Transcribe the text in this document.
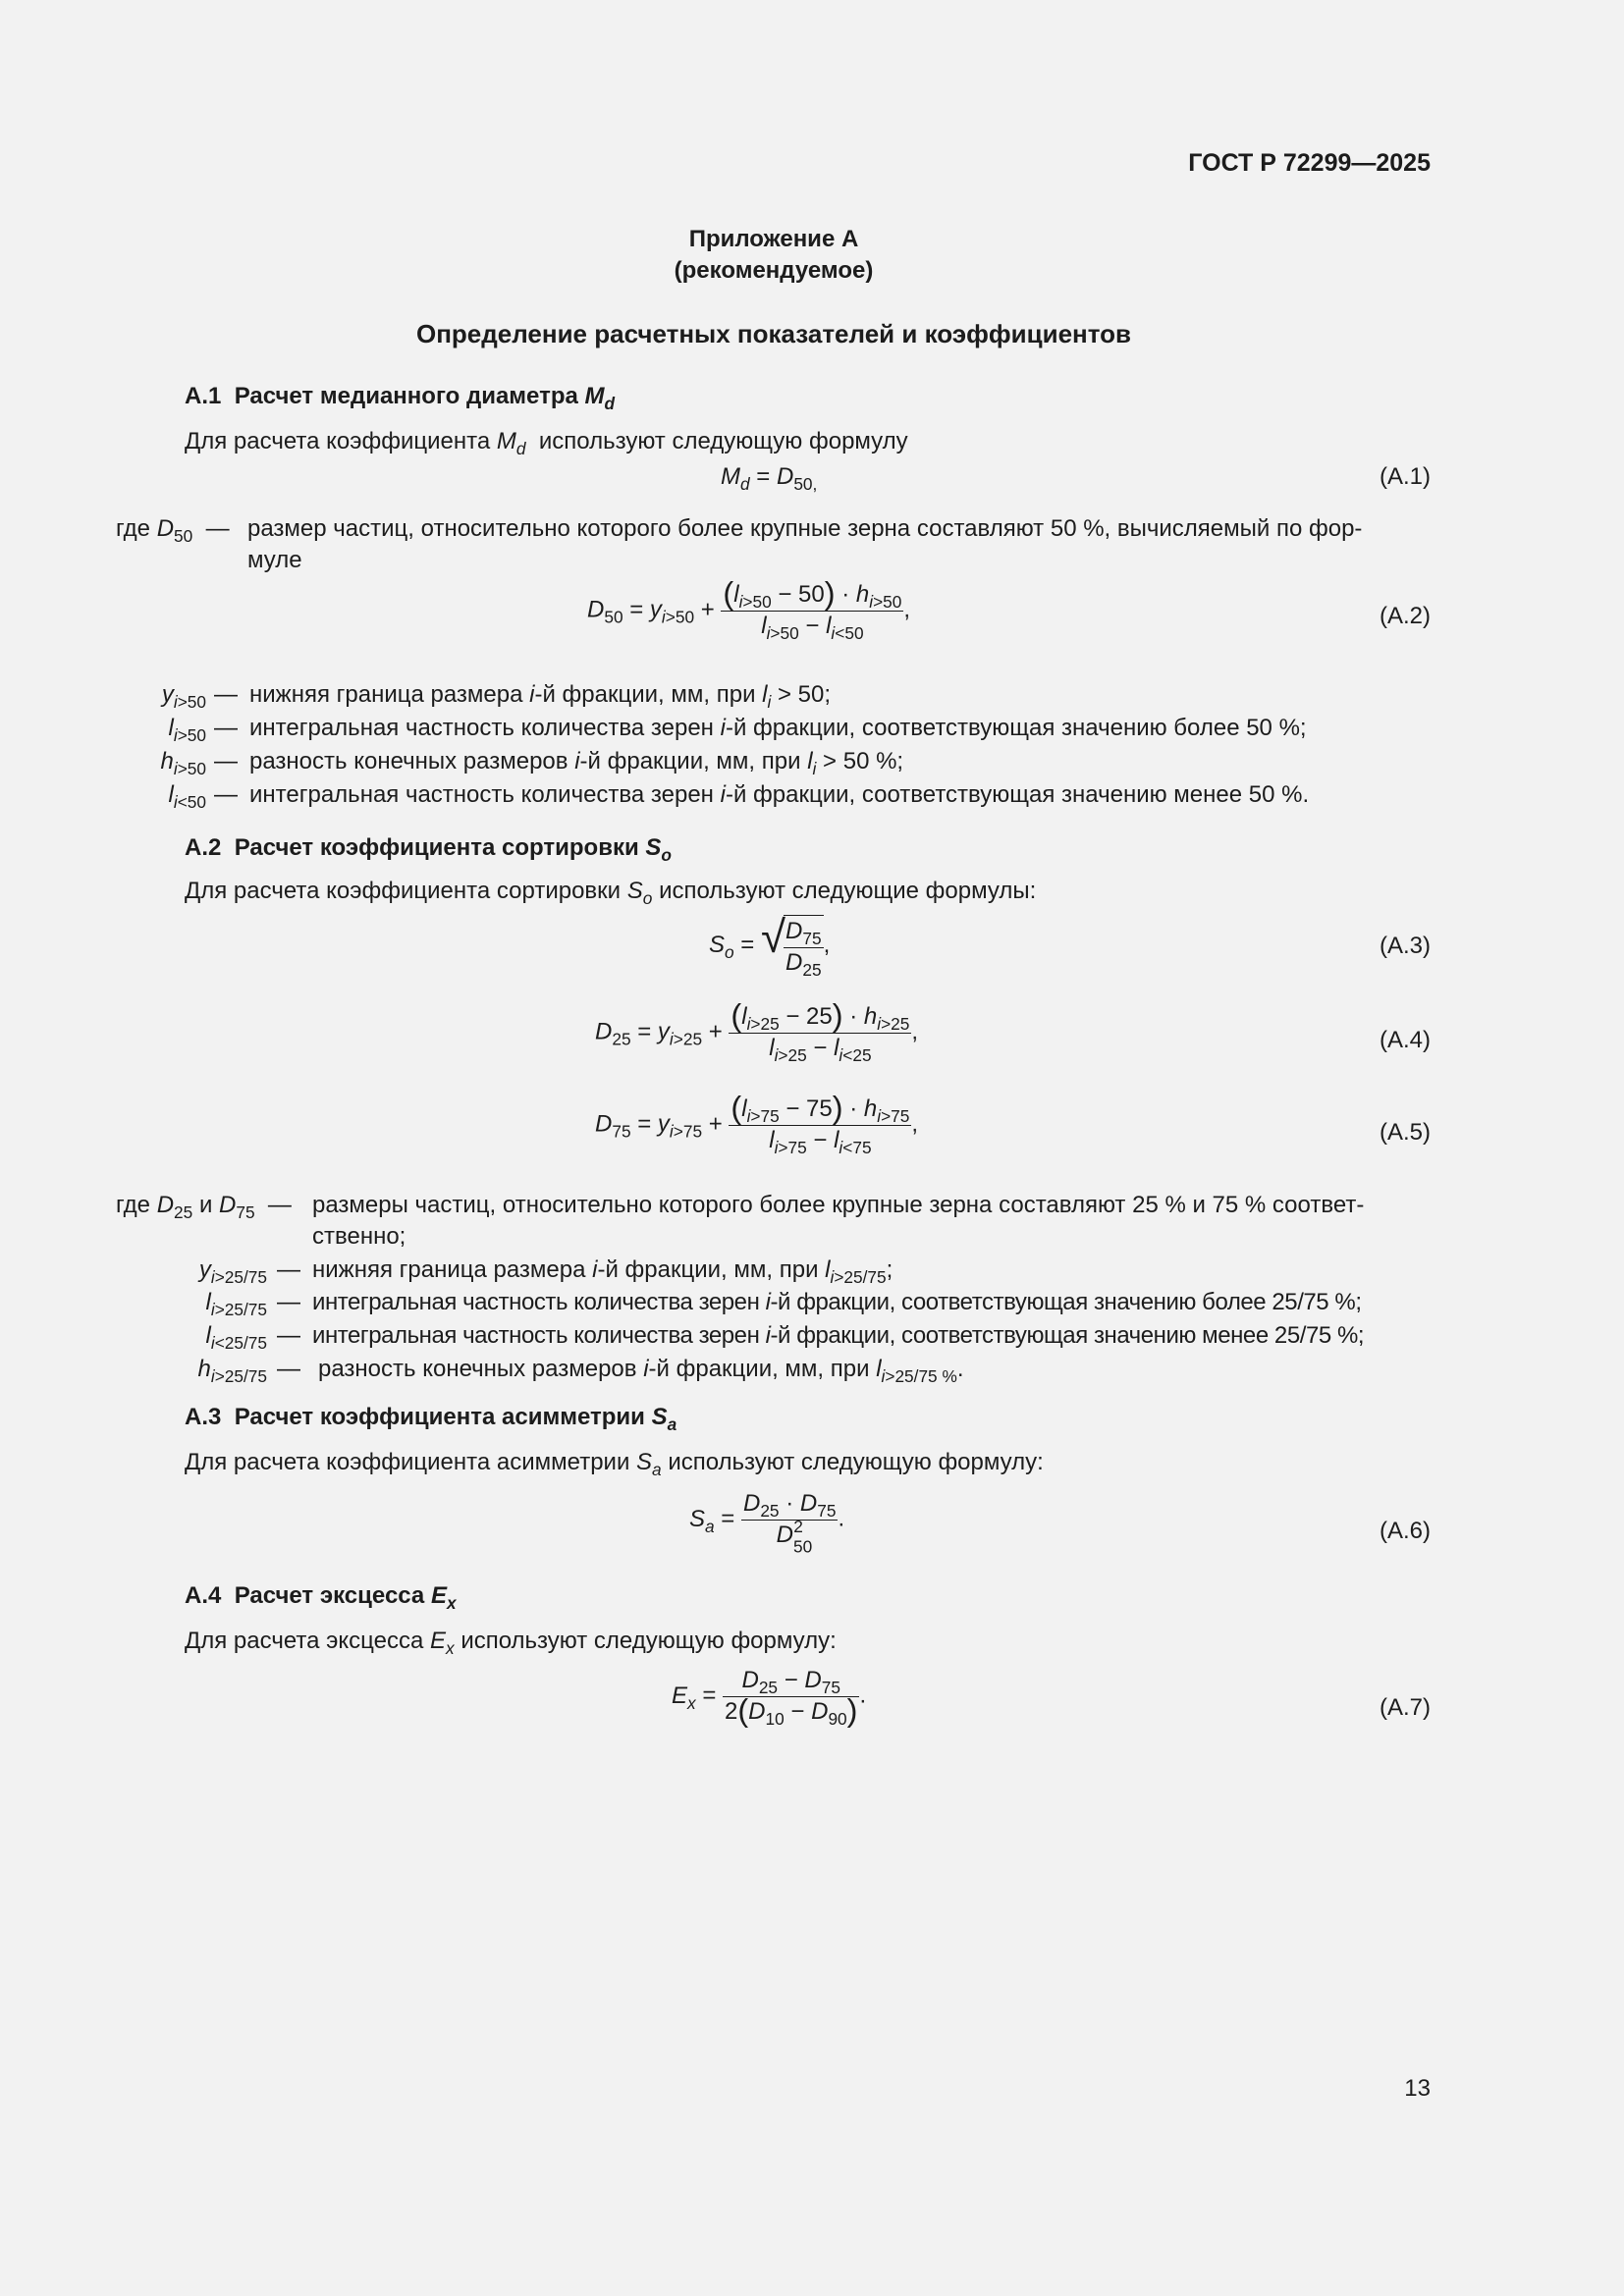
ГОСТ Р 72299—2025
Приложение А
(рекомендуемое)
Определение расчетных показателей и коэффициентов
А.1 Расчет медианного диаметра $M_d$
Для расчета коэффициента $M_d$ используют следующую формулу
$M_d = D_{50,}$	(А.1)
где $D_{50}$  — размер частиц, относительно которого более крупные зерна составляют 50 %, вычисляемый по фор-
муле
$D_{50} = y_{i>50} + \frac{(l_{i>50} - 50) \cdot h_{i>50}}{l_{i>50} - l_{i<50}}$ ,	(А.2)
$y_{i>50}$ — нижняя граница размера i-й фракции, мм, при $l_i > 50$;
$l_{i>50}$ — интегральная частность количества зерен i-й фракции, соответствующая значению более 50 %;
$h_{i>50}$ — разность конечных размеров i-й фракции, мм, при $l_i > 50$ %;
$l_{i<50}$ — интегральная частность количества зерен i-й фракции, соответствующая значению менее 50 %.
А.2 Расчет коэффициента сортировки $S_o$
Для расчета коэффициента сортировки $S_o$ используют следующие формулы:
$S_o$ = √
$\frac{D_{75}}{D_{25}}$ ,	(А.3)
$D_{25} = y_{i>25} + \frac{(l_{i>25} - 25) \cdot h_{i>25}}{l_{i>25} - l_{i<25}}$ ,	(А.4)
$D_{75} = y_{i>75} + \frac{(l_{i>75} - 75) \cdot h_{i>75}}{l_{i>75} - l_{i<75}}$ ,	(А.5)
где $D_{25}$ и $D_{75}$  — размеры частиц, относительно которого более крупные зерна составляют 25 % и 75 % соответ-
ственно;
$y_{i>25/75}$ — нижняя граница размера i-й фракции, мм, при $l_{i>25/75}$;
$l_{i>25/75}$ — интегральная частность количества зерен i-й фракции, соответствующая значению более 25/75 %;
$l_{i<25/75}$ — интегральная частность количества зерен i-й фракции, соответствующая значению менее 25/75 %;
$h_{i>25/75}$ — разность конечных размеров i-й фракции, мм, при $l_{i>25/75 \%}$.
А.3 Расчет коэффициента асимметрии $S_a$
Для расчета коэффициента асимметрии $S_a$ используют следующую формулу:
$S_a = \frac{D_{25} \cdot D_{75}}{D_{50}^2}$ .	(А.6)
А.4 Расчет эксцесса $E_x$
Для расчета эксцесса $E_x$ используют следующую формулу:
$E_x = \frac{D_{25} - D_{75}}{2(D_{10} - D_{90})}$ .	(А.7)
13
